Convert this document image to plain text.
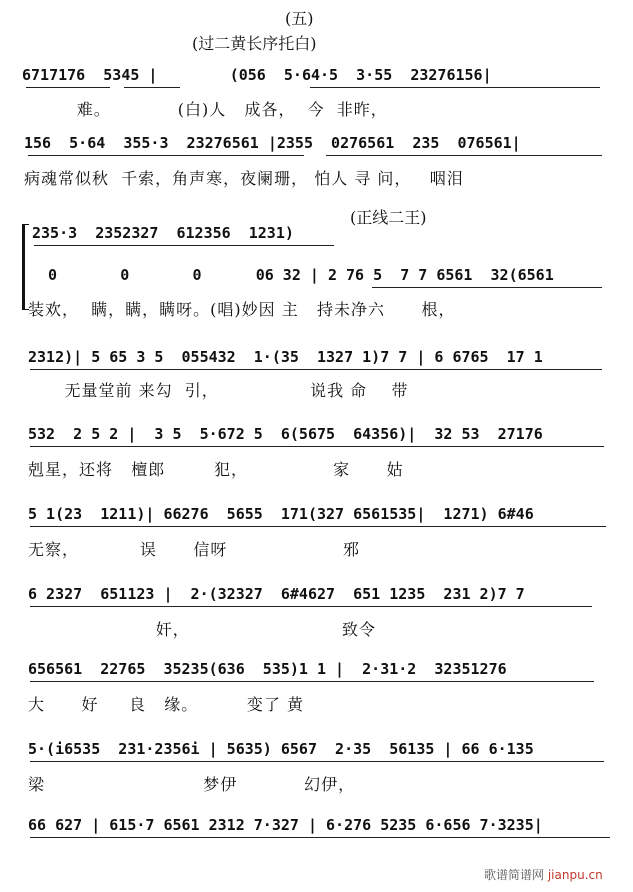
(五)
(过二黄长序托白)
6717176  5345 |        (056  5·64·5  3·55  23276156|
难。           (白)人   成各，  今  非昨，
156  5·64  355·3  23276561 |2355  0276561  235  076561|
病魂常似秋  千索，角声寒，夜阑珊， 怕人 寻 问，   咽泪
(正线二王)
235·3  2352327  612356  1231)
0       0       0      06 32 | 2 76 5  7 7 6561  32(6561
装欢，  瞒，瞒，瞒呀。(唱)妙因 主   持未净六      根，
2312)| 5 65 3 5  055432  1·(35  1327 1)7 7 | 6 6765  17 1
无量堂前 来勾  引，               说我 命    带
532  2 5 2 |  3 5  5·672 5  6(5675  64356)|  32 53  27176
剋星，还将   檀郎        犯，              家      姑
5 1(23  1211)| 66276  5655  171(327 6561535|  1271) 6#46
无察，          误      信呀                   邪
6 2327  651123 |  2·(32327  6#4627  651 1235  231 2)7 7
奸，                         致令
656561  22765  35235(636  535)1 1 |  2·31·2  32351276
大      好     良   缘。        变了 黄
5·(i6535  231·2356i | 5635) 6567  2·35  56135 | 66 6·135
梁                          梦伊           幻伊，
66 627 | 615·7 6561 2312 7·327 | 6·276 5235 6·656 7·3235|
歌谱简谱网 jianpu.cn
